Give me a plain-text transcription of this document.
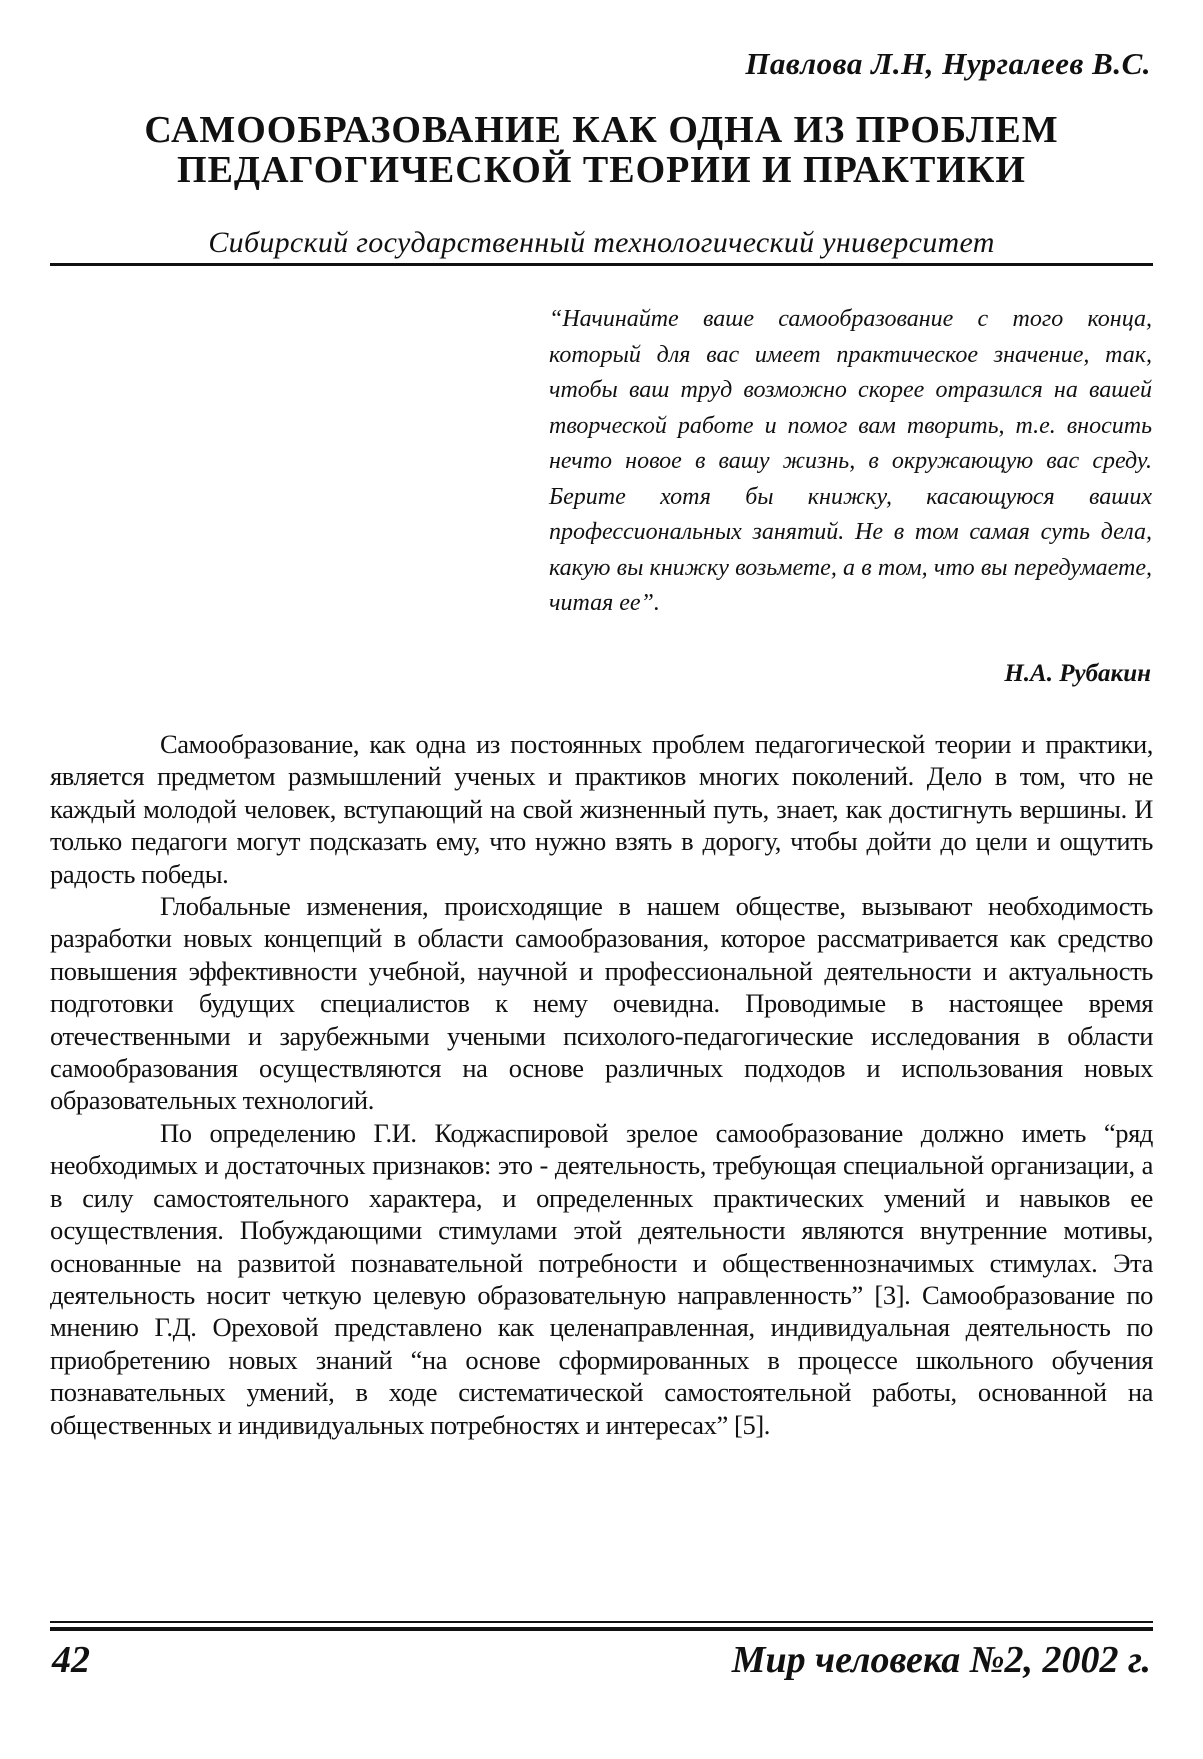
Павлова Л.Н, Нургалеев В.С.
САМООБРАЗОВАНИЕ КАК ОДНА ИЗ ПРОБЛЕМ
ПЕДАГОГИЧЕСКОЙ ТЕОРИИ И ПРАКТИКИ
Сибирский государственный технологический университет
“Начинайте ваше самообразование с того конца, который для вас имеет практическое значение, так, чтобы ваш труд возможно скорее отразился на вашей творческой работе и помог вам творить, т.е. вносить нечто новое в вашу жизнь, в окружающую вас среду. Берите хотя бы книжку, касающуюся ваших профессиональных занятий. Не в том самая суть дела, какую вы книжку возьмете, а в том, что вы передумаете, читая ее”.
Н.А. Рубакин

Самообразование, как одна из постоянных проблем педагогической теории и практики, является предметом размышлений ученых и практиков многих поколений. Дело в том, что не каждый молодой человек, вступающий на свой жизненный путь, знает, как достигнуть вершины. И только педагоги могут подсказать ему, что нужно взять в дорогу, чтобы дойти до цели и ощутить радость победы.

Глобальные изменения, происходящие в нашем обществе, вызывают необходимость разработки новых концепций в области самообразования, которое рассматривается как средство повышения эффективности учебной, научной и профессиональной деятельности и актуальность подготовки будущих специалистов к нему очевидна. Проводимые в настоящее время отечественными и зарубежными учеными психолого-педагогические исследования в области самообразования осуществляются на основе различных подходов и использования новых образовательных технологий.

По определению Г.И. Коджаспировой зрелое самообразование должно иметь “ряд необходимых и достаточных признаков: это - деятельность, требующая специальной организации, а в силу самостоятельного характера, и определенных практических умений и навыков ее осуществления. Побуждающими стимулами этой деятельности являются внутренние мотивы, основанные на развитой познавательной потребности и общественнозначимых стимулах. Эта деятельность носит четкую целевую образовательную направленность” [3]. Самообразование по мнению Г.Д. Ореховой представлено как целенаправленная, индивидуальная деятельность по приобретению новых знаний “на основе сформированных в процессе школьного обучения познавательных умений, в ходе систематической самостоятельной работы, основанной на общественных и индивидуальных потребностях и интересах” [5].

42	Мир человека №2, 2002 г.
